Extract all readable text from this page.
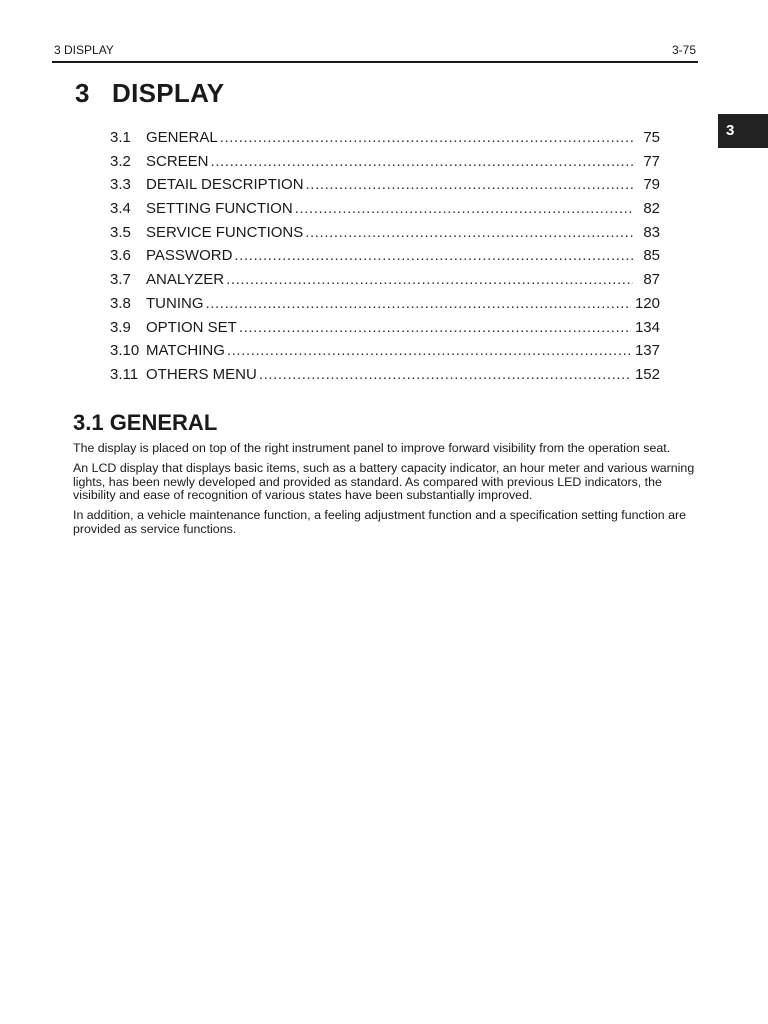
3 DISPLAY	3-75
3
3 DISPLAY
3.1	GENERAL .....	75
3.2	SCREEN .....	77
3.3	DETAIL DESCRIPTION .....	79
3.4	SETTING FUNCTION .....	82
3.5	SERVICE FUNCTIONS .....	83
3.6	PASSWORD .....	85
3.7	ANALYZER .....	87
3.8	TUNING .....	120
3.9	OPTION SET .....	134
3.10 MATCHING .....	137
3.11 OTHERS MENU .....	152
3.1 GENERAL

The display is placed on top of the right instrument panel to improve forward visibility from the operation seat.

An LCD display that displays basic items, such as a battery capacity indicator, an hour meter and various warning lights, has been newly developed and provided as standard. As compared with previous LED indicators, the visibility and ease of recognition of various states have been substantially improved.

In addition, a vehicle maintenance function, a feeling adjustment function and a specification setting function are provided as service functions.
